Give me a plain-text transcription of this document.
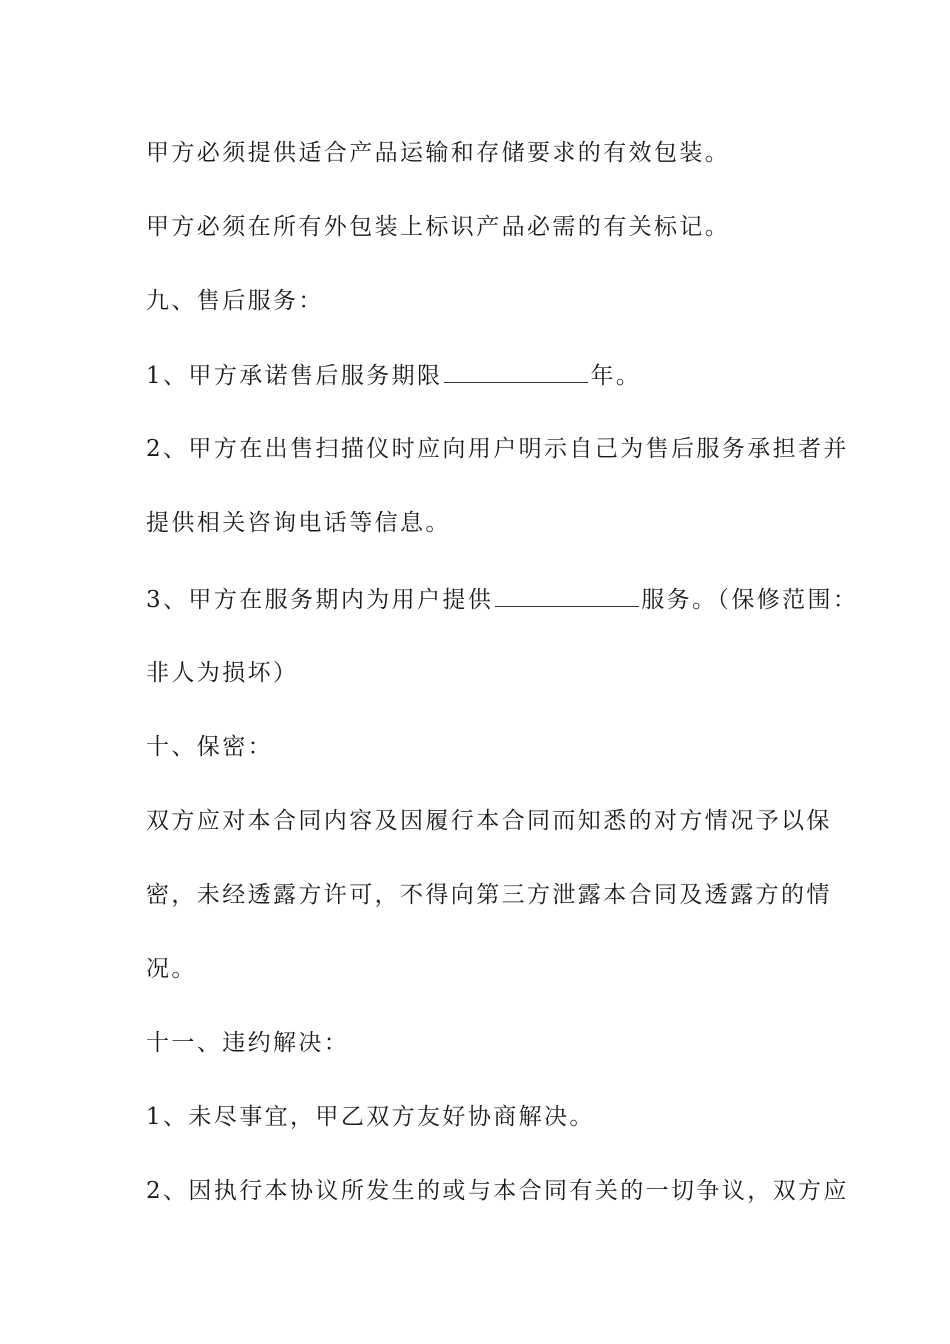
甲方必须提供适合产品运输和存储要求的有效包装。
甲方必须在所有外包装上标识产品必需的有关标记。
九、售后服务：
1、甲方承诺售后服务期限	年。
2、甲方在出售扫描仪时应向用户明示自己为售后服务承担者并
提供相关咨询电话等信息。
3、甲方在服务期内为用户提供	服务。（保修范围：
非人为损坏）
十、保密：
双方应对本合同内容及因履行本合同而知悉的对方情况予以保
密，未经透露方许可，不得向第三方泄露本合同及透露方的情
况。
十一、违约解决：
1、未尽事宜，甲乙双方友好协商解决。
2、因执行本协议所发生的或与本合同有关的一切争议，双方应
